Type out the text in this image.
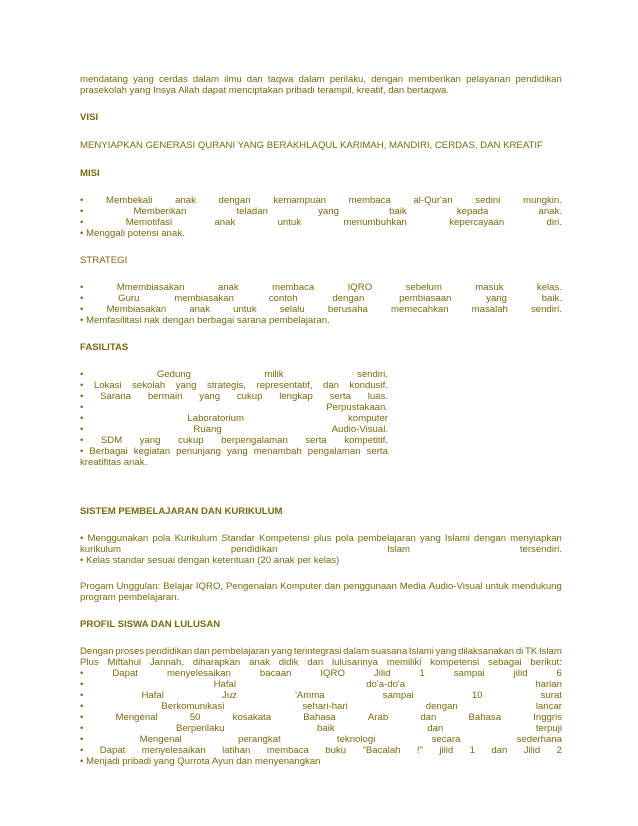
mendatang yang cerdas dalam ilmu dan taqwa dalam perilaku, dengan memberikan pelayanan pendidikan
prasekolah yang Insya Allah dapat menciptakan pribadi terampil, kreatif, dan bertaqwa.
VISI
MENYIAPKAN GENERASI QURANI YANG BERAKHLAQUL KARIMAH, MANDIRI, CERDAS, DAN KREATIF
MISI
• Membekali anak dengan kemampuan membaca al-Qur'an sedini mungkin.
•	Memberikan	teladan	yang	baik	kepada	anak.
•	Memotifasi	anak	untuk	menumbuhkan	kepercayaan	diri.
• Menggali potensi anak.
STRATEGI
•	Mmembiasakan	anak	membaca	IQRO	sebelum	masuk	kelas.
•	Guru	membiasakan	contoh	dengan	pembiasaan	yang	baik.
• Membiasakan anak untuk selalu berusaha memecahkan masalah sendiri.
• Memfasilitasi nak dengan berbagai sarana pembelajaran.
FASILITAS
•	Gedung	milik	sendiri.
• Lokasi sekolah yang strategis, representatif, dan kondusif.
• Sarana bermain yang cukup lengkap serta luas.
•	Perpustakaan.
•	Laboratorium	komputer
•	Ruang	Audio-Visual.
• SDM yang cukup berpengalaman serta kompetitif.
• Berbagai kegiatan penunjang yang menambah pengalaman serta
kreatifitas anak.
SISTEM PEMBELAJARAN DAN KURIKULUM
• Menggunakan pola Kurikulum Standar Kompetensi plus pola pembelajaran yang Islami dengan menyiapkan
kurikulum	pendidikan	Islam	tersendiri.
• Kelas standar sesuai dengan ketentuan (20 anak per kelas)
Progam Unggulan: Belajar IQRO, Pengenalan Komputer dan penggunaan Media Audio-Visual untuk mendukung
program pembelajaran.
PROFIL SISWA DAN LULUSAN
Dengan proses pendidikan dan pembelajaran yang terintegrasi dalam suasana Islami yang dilaksanakan di TK Islam
Plus Miftahul Jannah, diharapkan anak didik dan lulusannya memiliki kompetensi sebagai berikut:
•	Dapat	menyelesaikan	bacaan	IQRO	Jilid	1	sampai	jilid	6
•	Hafal	do'a-do'a	harian
•	Hafal	Juz	'Amma	sampai	10	surat
•	Berkomunikasi	sehari-hari	dengan	lancar
•	Mengenal	50	kosakata	Bahasa	Arab	dan	Bahasa	Inggris
•	Berperilaku	baik	dan	terpuji
•	Mengenal	perangkat	teknologi	secara	sederhana
• Dapat menyelesaikan latihan membaca buku "Bacalah !" jilid 1 dan Jilid 2
• Menjadi pribadi yang Qurrota Ayun dan menyenangkan
